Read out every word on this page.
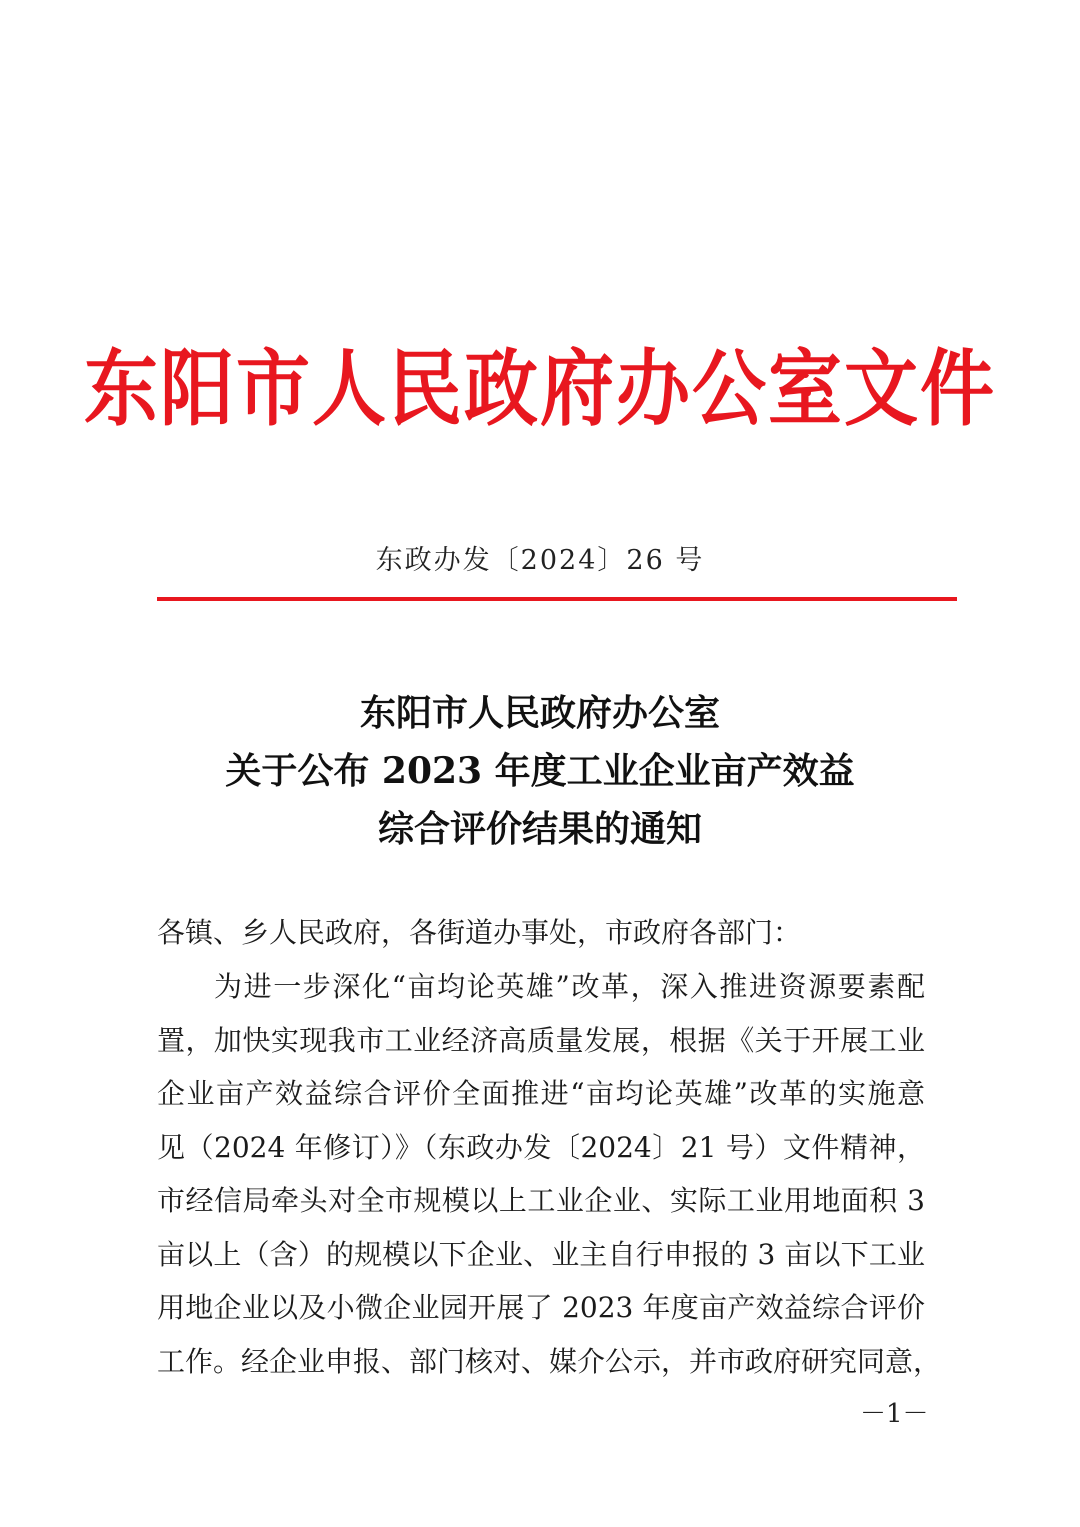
东阳市人民政府办公室文件
东政办发〔2024〕26 号
东阳市人民政府办公室
关于公布 2023 年度工业企业亩产效益
综合评价结果的通知
各镇、乡人民政府，各街道办事处，市政府各部门：
为进一步深化“亩均论英雄”改革，深入推进资源要素配
置，加快实现我市工业经济高质量发展，根据《关于开展工业
企业亩产效益综合评价全面推进“亩均论英雄”改革的实施意
见（2024 年修订）》（东政办发〔2024〕21 号）文件精神，
市经信局牵头对全市规模以上工业企业、实际工业用地面积 3
亩以上（含）的规模以下企业、业主自行申报的 3 亩以下工业
用地企业以及小微企业园开展了 2023 年度亩产效益综合评价
工作。经企业申报、部门核对、媒介公示，并市政府研究同意，
－1－
